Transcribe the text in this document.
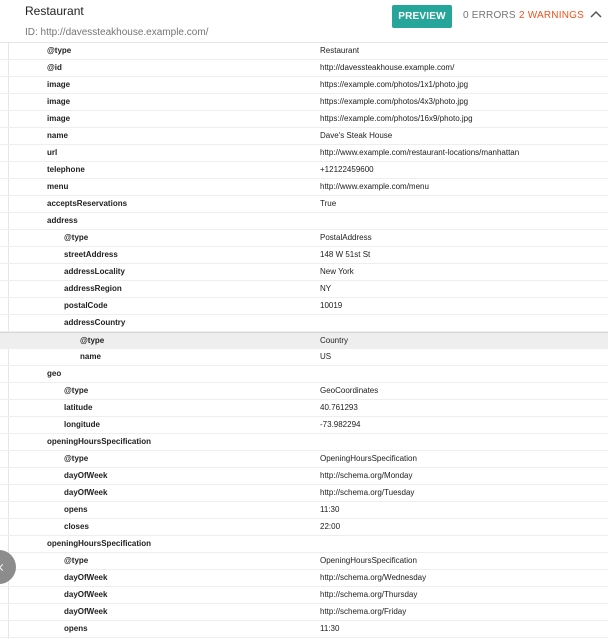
Restaurant
ID: http://davessteakhouse.example.com/
PREVIEW	0 ERRORS 2 WARNINGS
@type	Restaurant
@id	http://davessteakhouse.example.com/
image	https://example.com/photos/1x1/photo.jpg
image	https://example.com/photos/4x3/photo.jpg
image	https://example.com/photos/16x9/photo.jpg
name	Dave's Steak House
url	http://www.example.com/restaurant-locations/manhattan
telephone	+12122459600
menu	http://www.example.com/menu
acceptsReservations	True
address
@type	PostalAddress
streetAddress	148 W 51st St
addressLocality	New York
addressRegion	NY
postalCode	10019
addressCountry
@type	Country
name	US
geo
@type	GeoCoordinates
latitude	40.761293
longitude	-73.982294
openingHoursSpecification
@type	OpeningHoursSpecification
dayOfWeek	http://schema.org/Monday
dayOfWeek	http://schema.org/Tuesday
opens	11:30
closes	22:00
openingHoursSpecification
@type	OpeningHoursSpecification
dayOfWeek	http://schema.org/Wednesday
dayOfWeek	http://schema.org/Thursday
dayOfWeek	http://schema.org/Friday
opens	11:30
